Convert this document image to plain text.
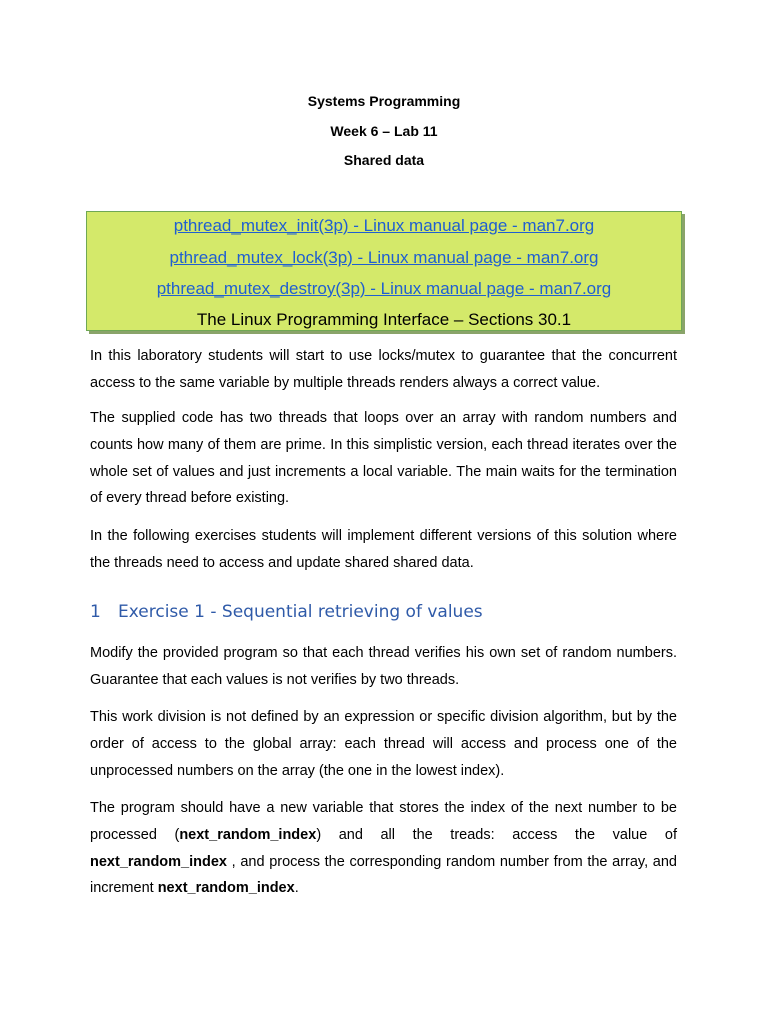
Systems Programming
Week 6 – Lab 11
Shared data
pthread_mutex_init(3p) - Linux manual page - man7.org
pthread_mutex_lock(3p) - Linux manual page - man7.org
pthread_mutex_destroy(3p) - Linux manual page - man7.org
The Linux Programming Interface – Sections 30.1
In this laboratory students will start to use locks/mutex to guarantee that the concurrent access to the same variable by multiple threads renders always a correct value.
The supplied code has two threads that loops over an array with random numbers and counts how many of them are prime. In this simplistic version, each thread iterates over the whole set of values and just increments a local variable. The main waits for the termination of every thread before existing.
In the following exercises students will implement different versions of this solution where the threads need to access and update shared shared data.
1 Exercise 1 - Sequential retrieving of values
Modify the provided program so that each thread verifies his own set of random numbers. Guarantee that each values is not verifies by two threads.
This work division is not defined by an expression or specific division algorithm, but by the order of access to the global array: each thread will access and process one of the unprocessed numbers on the array (the one in the lowest index).
The program should have a new variable that stores the index of the next number to be processed (next_random_index) and all the treads: access the value of next_random_index , and process the corresponding random number from the array, and increment next_random_index.
